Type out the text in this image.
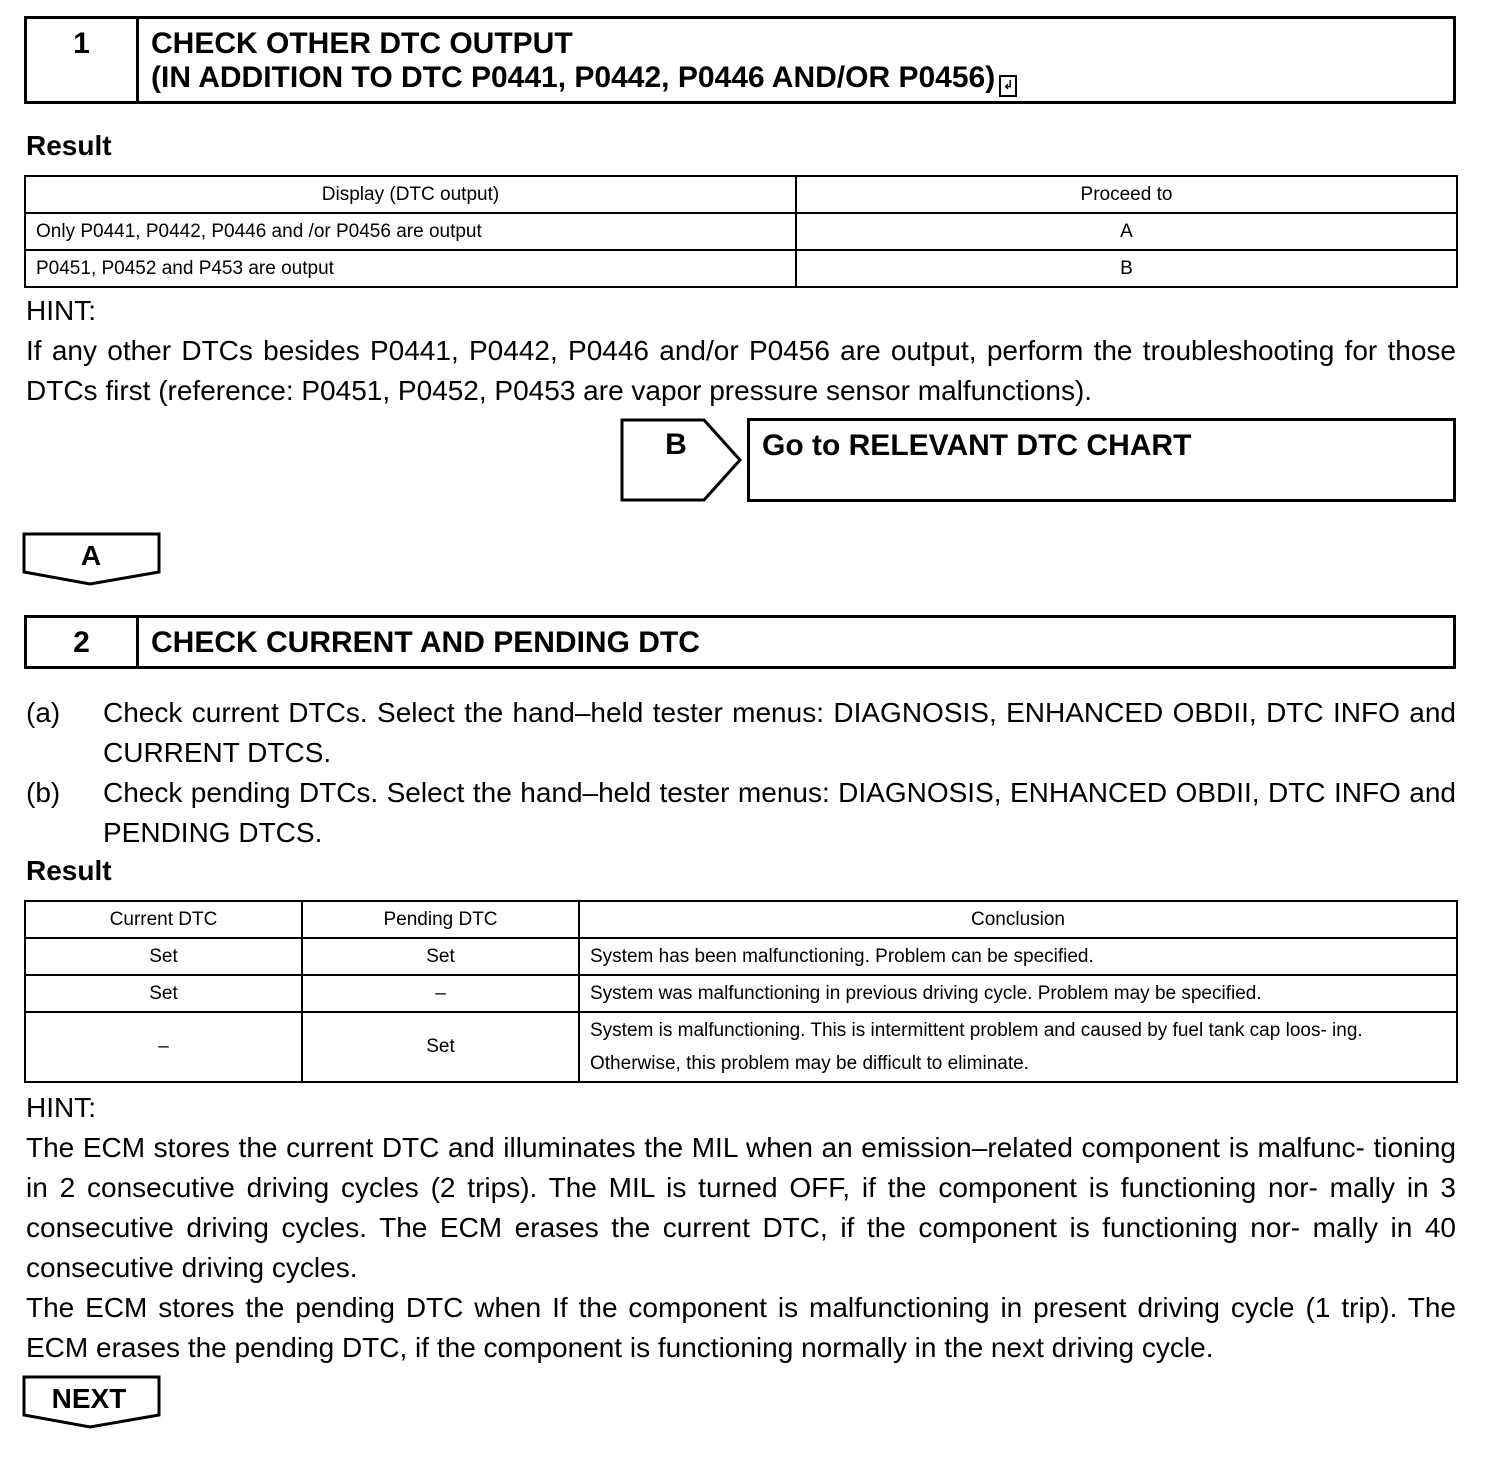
1	CHECK OTHER DTC OUTPUT
(IN ADDITION TO DTC P0441, P0442, P0446 AND/OR P0456) ↲
Result
Display (DTC output)	Proceed to
Only P0441, P0442, P0446 and /or P0456 are output	A
P0451, P0452 and P453 are output	B

HINT:

If any other DTCs besides P0441, P0442, P0446 and/or P0456 are output, perform the troubleshooting for those DTCs first (reference: P0451, P0452, P0453 are vapor pressure sensor malfunctions).

B	Go to RELEVANT DTC CHART
A
2	CHECK CURRENT AND PENDING DTC
(a) Check current DTCs. Select the hand–held tester menus: DIAGNOSIS, ENHANCED OBDII, DTC INFO and CURRENT DTCS.
(b) Check pending DTCs. Select the hand–held tester menus: DIAGNOSIS, ENHANCED OBDII, DTC INFO and PENDING DTCS.
Result
Current DTC	Pending DTC	Conclusion
Set	Set	System has been malfunctioning. Problem can be specified.
Set	–	System was malfunctioning in previous driving cycle. Problem may be specified.
–	Set	System is malfunctioning. This is intermittent problem and caused by fuel tank cap loos- ing. Otherwise, this problem may be difficult to eliminate.

HINT:

The ECM stores the current DTC and illuminates the MIL when an emission–related component is malfunc- tioning in 2 consecutive driving cycles (2 trips). The MIL is turned OFF, if the component is functioning nor- mally in 3 consecutive driving cycles. The ECM erases the current DTC, if the component is functioning nor- mally in 40 consecutive driving cycles.

The ECM stores the pending DTC when If the component is malfunctioning in present driving cycle (1 trip). The ECM erases the pending DTC, if the component is functioning normally in the next driving cycle.

NEXT
